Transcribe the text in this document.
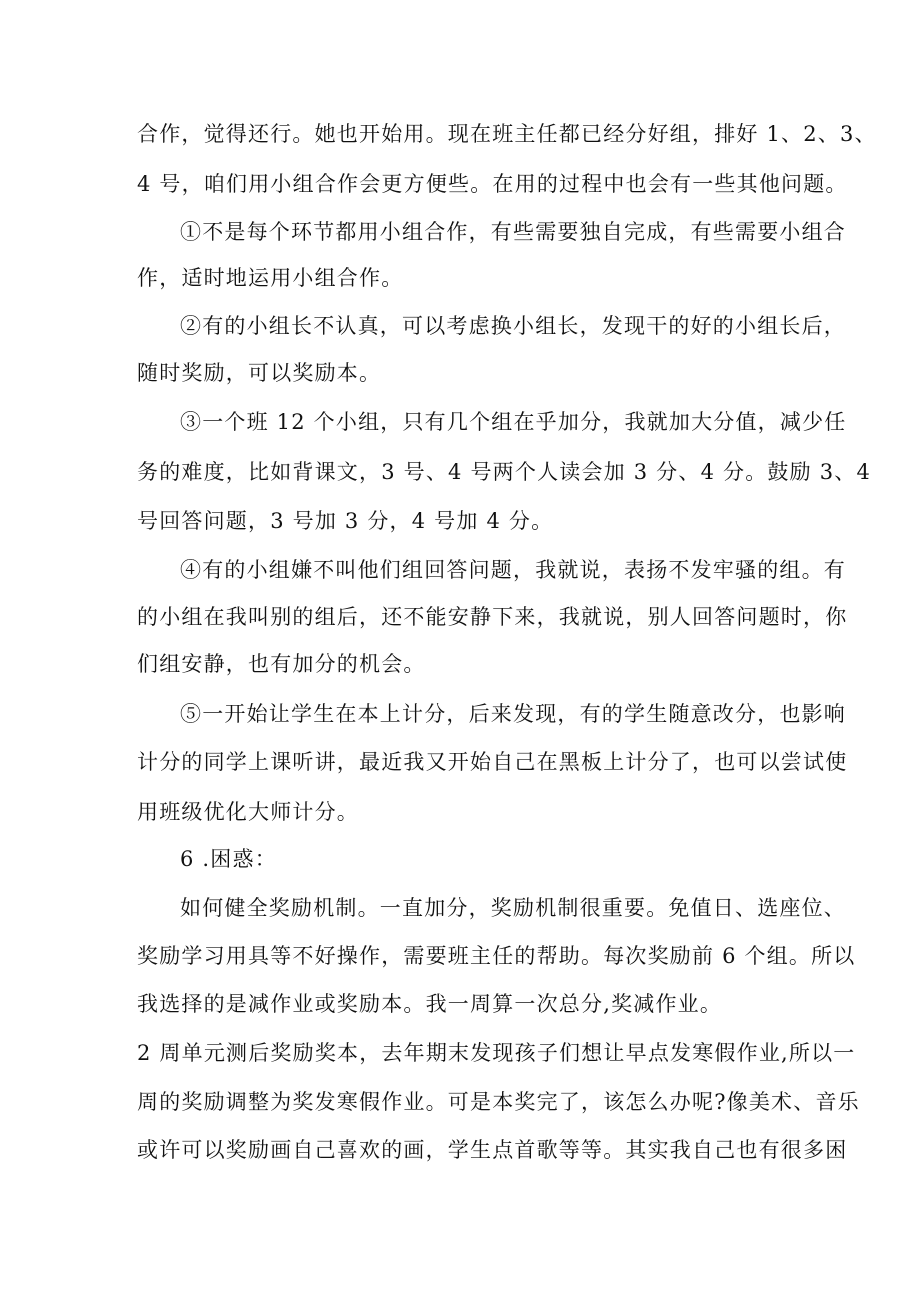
合作，觉得还行。她也开始用。现在班主任都已经分好组，排好 1、2、3、
4 号，咱们用小组合作会更方便些。在用的过程中也会有一些其他问题。
①不是每个环节都用小组合作，有些需要独自完成，有些需要小组合
作，适时地运用小组合作。
②有的小组长不认真，可以考虑换小组长，发现干的好的小组长后，
随时奖励，可以奖励本。
③一个班 12 个小组，只有几个组在乎加分，我就加大分值，减少任
务的难度，比如背课文，3 号、4 号两个人读会加 3 分、4 分。鼓励 3、4
号回答问题，3 号加 3 分，4 号加 4 分。
④有的小组嫌不叫他们组回答问题，我就说，表扬不发牢骚的组。有
的小组在我叫别的组后，还不能安静下来，我就说，别人回答问题时，你
们组安静，也有加分的机会。
⑤一开始让学生在本上计分，后来发现，有的学生随意改分，也影响
计分的同学上课听讲，最近我又开始自己在黑板上计分了，也可以尝试使
用班级优化大师计分。
6 .困惑：
如何健全奖励机制。一直加分，奖励机制很重要。免值日、选座位、
奖励学习用具等不好操作，需要班主任的帮助。每次奖励前 6 个组。所以
我选择的是减作业或奖励本。我一周算一次总分,奖减作业。
2 周单元测后奖励奖本，去年期末发现孩子们想让早点发寒假作业,所以一
周的奖励调整为奖发寒假作业。可是本奖完了，该怎么办呢?像美术、音乐
或许可以奖励画自己喜欢的画，学生点首歌等等。其实我自己也有很多困
